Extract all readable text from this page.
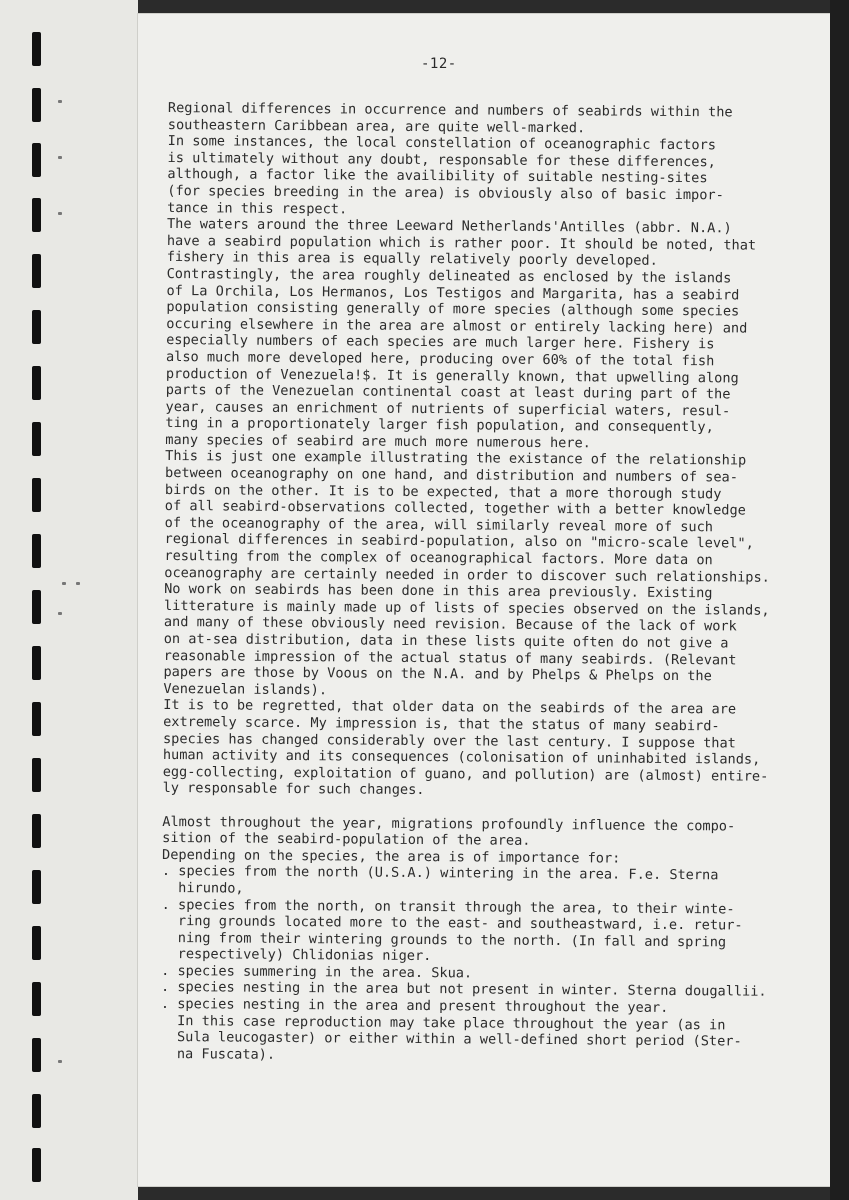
-12-
Regional differences in occurrence and numbers of seabirds within the
southeastern Caribbean area, are quite well-marked.
In some instances, the local constellation of oceanographic factors
is ultimately without any doubt, responsable for these differences,
although, a factor like the availibility of suitable nesting-sites
(for species breeding in the area) is obviously also of basic impor-
tance in this respect.
The waters around the three Leeward Netherlands'Antilles (abbr. N.A.)
have a seabird population which is rather poor. It should be noted, that
fishery in this area is equally relatively poorly developed.
Contrastingly, the area roughly delineated as enclosed by the islands
of La Orchila, Los Hermanos, Los Testigos and Margarita, has a seabird
population consisting generally of more species (although some species
occuring elsewhere in the area are almost or entirely lacking here) and
especially numbers of each species are much larger here. Fishery is
also much more developed here, producing over 60% of the total fish
production of Venezuela!$. It is generally known, that upwelling along
parts of the Venezuelan continental coast at least during part of the
year, causes an enrichment of nutrients of superficial waters, resul-
ting in a proportionately larger fish population, and consequently,
many species of seabird are much more numerous here.
This is just one example illustrating the existance of the relationship
between oceanography on one hand, and distribution and numbers of sea-
birds on the other. It is to be expected, that a more thorough study
of all seabird-observations collected, together with a better knowledge
of the oceanography of the area, will similarly reveal more of such
regional differences in seabird-population, also on "micro-scale level",
resulting from the complex of oceanographical factors. More data on
oceanography are certainly needed in order to discover such relationships.
No work on seabirds has been done in this area previously. Existing
litterature is mainly made up of lists of species observed on the islands,
and many of these obviously need revision. Because of the lack of work
on at-sea distribution, data in these lists quite often do not give a
reasonable impression of the actual status of many seabirds. (Relevant
papers are those by Voous on the N.A. and by Phelps & Phelps on the
Venezuelan islands).
It is to be regretted, that older data on the seabirds of the area are
extremely scarce. My impression is, that the status of many seabird-
species has changed considerably over the last century. I suppose that
human activity and its consequences (colonisation of uninhabited islands,
egg-collecting, exploitation of guano, and pollution) are (almost) entire-
ly responsable for such changes.
Almost throughout the year, migrations profoundly influence the compo-
sition of the seabird-population of the area.
Depending on the species, the area is of importance for:
. species from the north (U.S.A.) wintering in the area. F.e. Sterna
hirundo,
. species from the north, on transit through the area, to their winte-
ring grounds located more to the east- and southeastward, i.e. retur-
ning from their wintering grounds to the north. (In fall and spring
respectively) Chlidonias niger.
. species summering in the area. Skua.
. species nesting in the area but not present in winter. Sterna dougallii.
. species nesting in the area and present throughout the year.
In this case reproduction may take place throughout the year (as in
Sula leucogaster) or either within a well-defined short period (Ster-
na Fuscata).
